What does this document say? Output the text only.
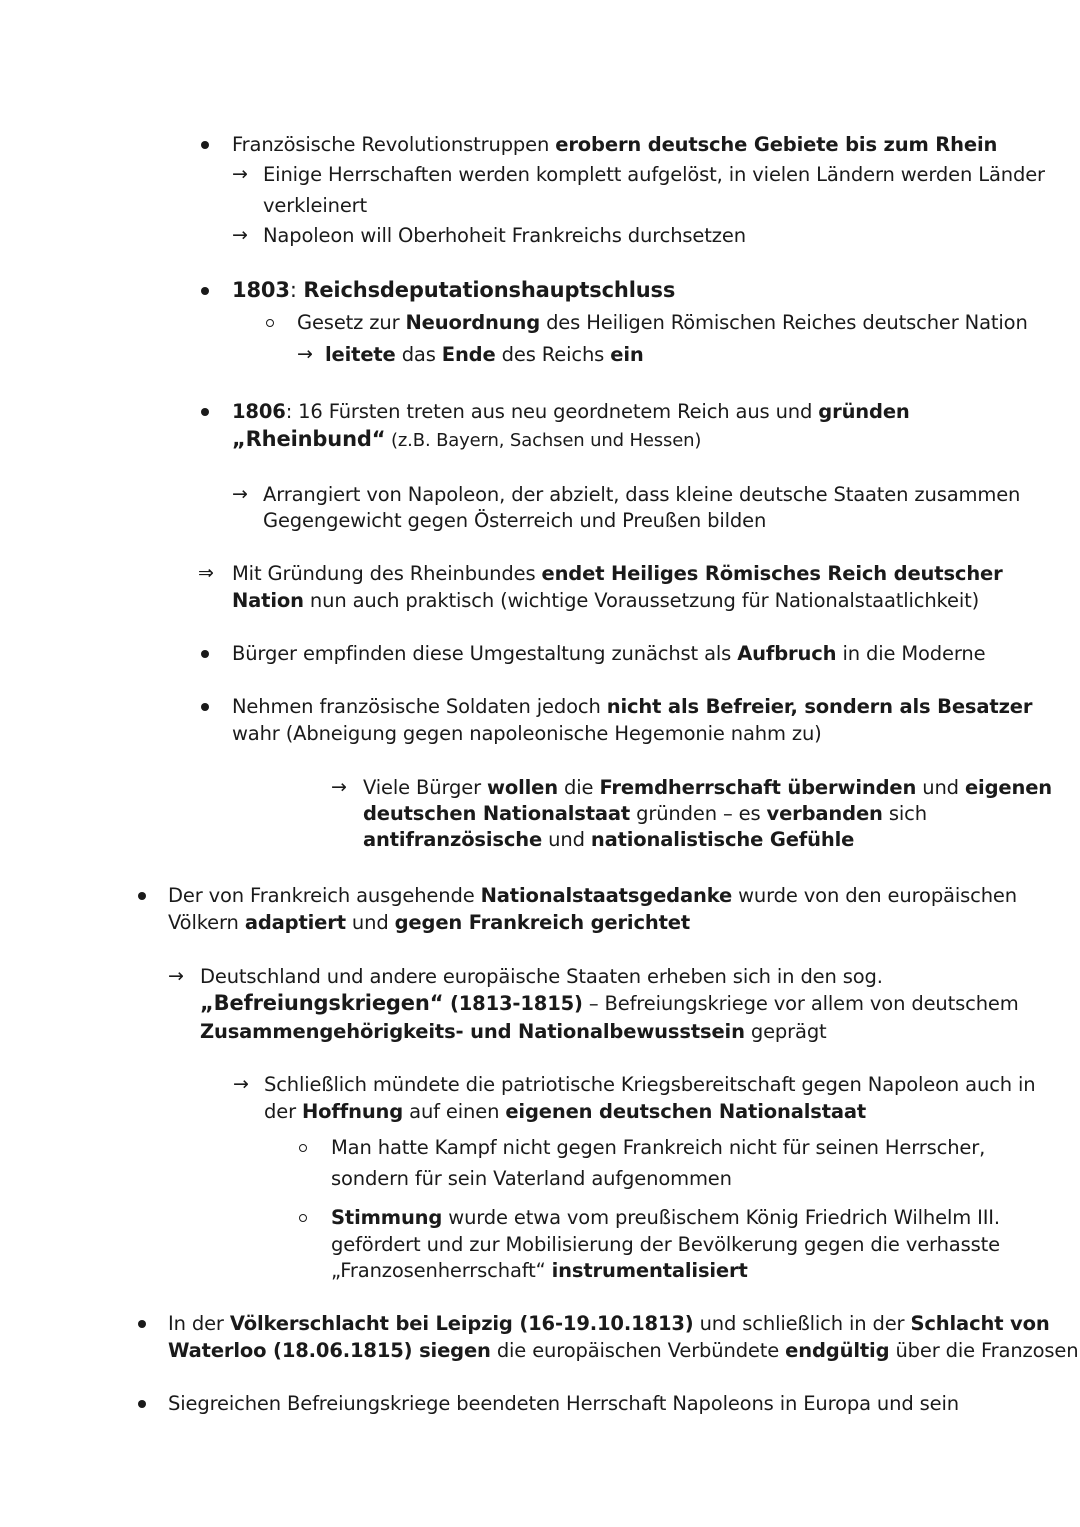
Französische Revolutionstruppen erobern deutsche Gebiete bis zum Rhein
→ Einige Herrschaften werden komplett aufgelöst, in vielen Ländern werden Länder
verkleinert
→ Napoleon will Oberhoheit Frankreichs durchsetzen
1803: Reichsdeputationshauptschluss
Gesetz zur Neuordnung des Heiligen Römischen Reiches deutscher Nation
→ leitete das Ende des Reichs ein
1806: 16 Fürsten treten aus neu geordnetem Reich aus und gründen
„Rheinbund“ (z.B. Bayern, Sachsen und Hessen)
→ Arrangiert von Napoleon, der abzielt, dass kleine deutsche Staaten zusammen
Gegengewicht gegen Österreich und Preußen bilden
⇒ Mit Gründung des Rheinbundes endet Heiliges Römisches Reich deutscher
Nation nun auch praktisch (wichtige Voraussetzung für Nationalstaatlichkeit)
Bürger empfinden diese Umgestaltung zunächst als Aufbruch in die Moderne
Nehmen französische Soldaten jedoch nicht als Befreier, sondern als Besatzer
wahr (Abneigung gegen napoleonische Hegemonie nahm zu)
→ Viele Bürger wollen die Fremdherrschaft überwinden und eigenen
deutschen Nationalstaat gründen – es verbanden sich
antifranzösische und nationalistische Gefühle
Der von Frankreich ausgehende Nationalstaatsgedanke wurde von den europäischen
Völkern adaptiert und gegen Frankreich gerichtet
→ Deutschland und andere europäische Staaten erheben sich in den sog.
„Befreiungskriegen“ (1813-1815) – Befreiungskriege vor allem von deutschem
Zusammengehörigkeits- und Nationalbewusstsein geprägt
→ Schließlich mündete die patriotische Kriegsbereitschaft gegen Napoleon auch in
der Hoffnung auf einen eigenen deutschen Nationalstaat
Man hatte Kampf nicht gegen Frankreich nicht für seinen Herrscher,
sondern für sein Vaterland aufgenommen
Stimmung wurde etwa vom preußischem König Friedrich Wilhelm III.
gefördert und zur Mobilisierung der Bevölkerung gegen die verhasste
„Franzosenherrschaft“ instrumentalisiert
In der Völkerschlacht bei Leipzig (16-19.10.1813) und schließlich in der Schlacht von
Waterloo (18.06.1815) siegen die europäischen Verbündete endgültig über die Franzosen
Siegreichen Befreiungskriege beendeten Herrschaft Napoleons in Europa und sein
